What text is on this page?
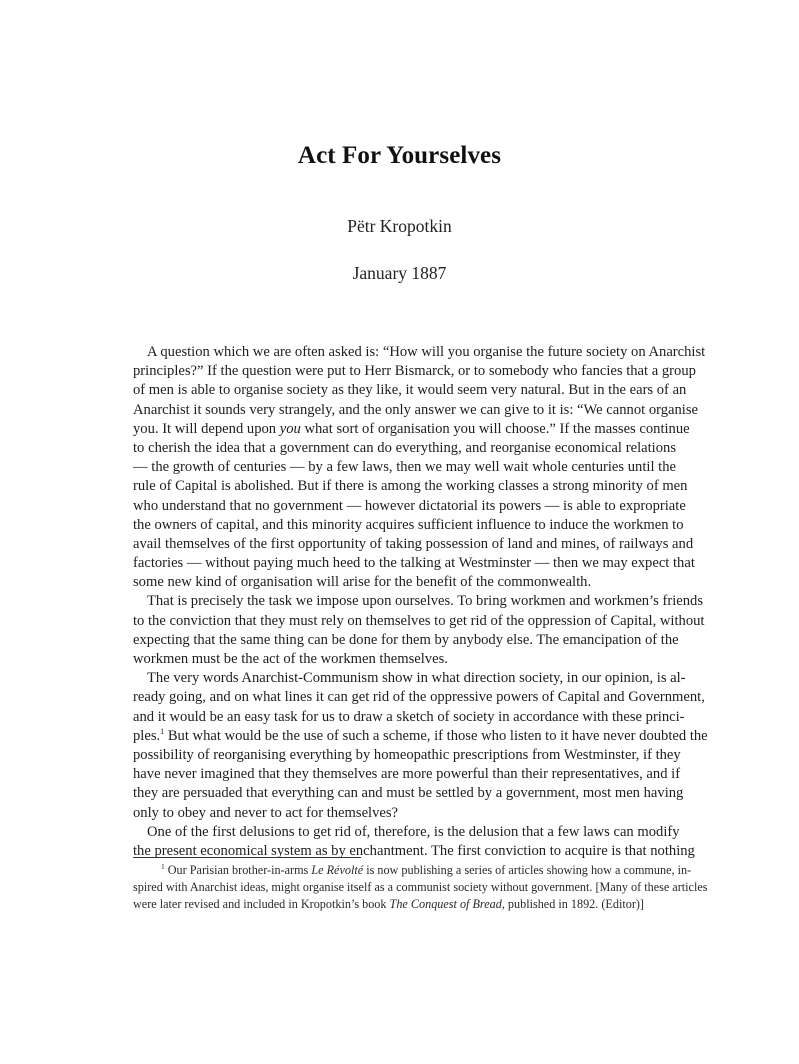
Act For Yourselves
Pëtr Kropotkin
January 1887
A question which we are often asked is: “How will you organise the future society on Anarchist
principles?” If the question were put to Herr Bismarck, or to somebody who fancies that a group
of men is able to organise society as they like, it would seem very natural. But in the ears of an
Anarchist it sounds very strangely, and the only answer we can give to it is: “We cannot organise
you. It will depend upon you what sort of organisation you will choose.” If the masses continue
to cherish the idea that a government can do everything, and reorganise economical relations
— the growth of centuries — by a few laws, then we may well wait whole centuries until the
rule of Capital is abolished. But if there is among the working classes a strong minority of men
who understand that no government — however dictatorial its powers — is able to expropriate
the owners of capital, and this minority acquires sufficient influence to induce the workmen to
avail themselves of the first opportunity of taking possession of land and mines, of railways and
factories — without paying much heed to the talking at Westminster — then we may expect that
some new kind of organisation will arise for the benefit of the commonwealth.
That is precisely the task we impose upon ourselves. To bring workmen and workmen’s friends
to the conviction that they must rely on themselves to get rid of the oppression of Capital, without
expecting that the same thing can be done for them by anybody else. The emancipation of the
workmen must be the act of the workmen themselves.
The very words Anarchist-Communism show in what direction society, in our opinion, is al-
ready going, and on what lines it can get rid of the oppressive powers of Capital and Government,
and it would be an easy task for us to draw a sketch of society in accordance with these princi-
ples.$^1$ But what would be the use of such a scheme, if those who listen to it have never doubted the
possibility of reorganising everything by homeopathic prescriptions from Westminster, if they
have never imagined that they themselves are more powerful than their representatives, and if
they are persuaded that everything can and must be settled by a government, most men having
only to obey and never to act for themselves?
One of the first delusions to get rid of, therefore, is the delusion that a few laws can modify
the present economical system as by enchantment. The first conviction to acquire is that nothing
$^1$ Our Parisian brother-in-arms Le Révolté is now publishing a series of articles showing how a commune, in-
spired with Anarchist ideas, might organise itself as a communist society without government. [Many of these articles
were later revised and included in Kropotkin’s book The Conquest of Bread, published in 1892. (Editor)]
